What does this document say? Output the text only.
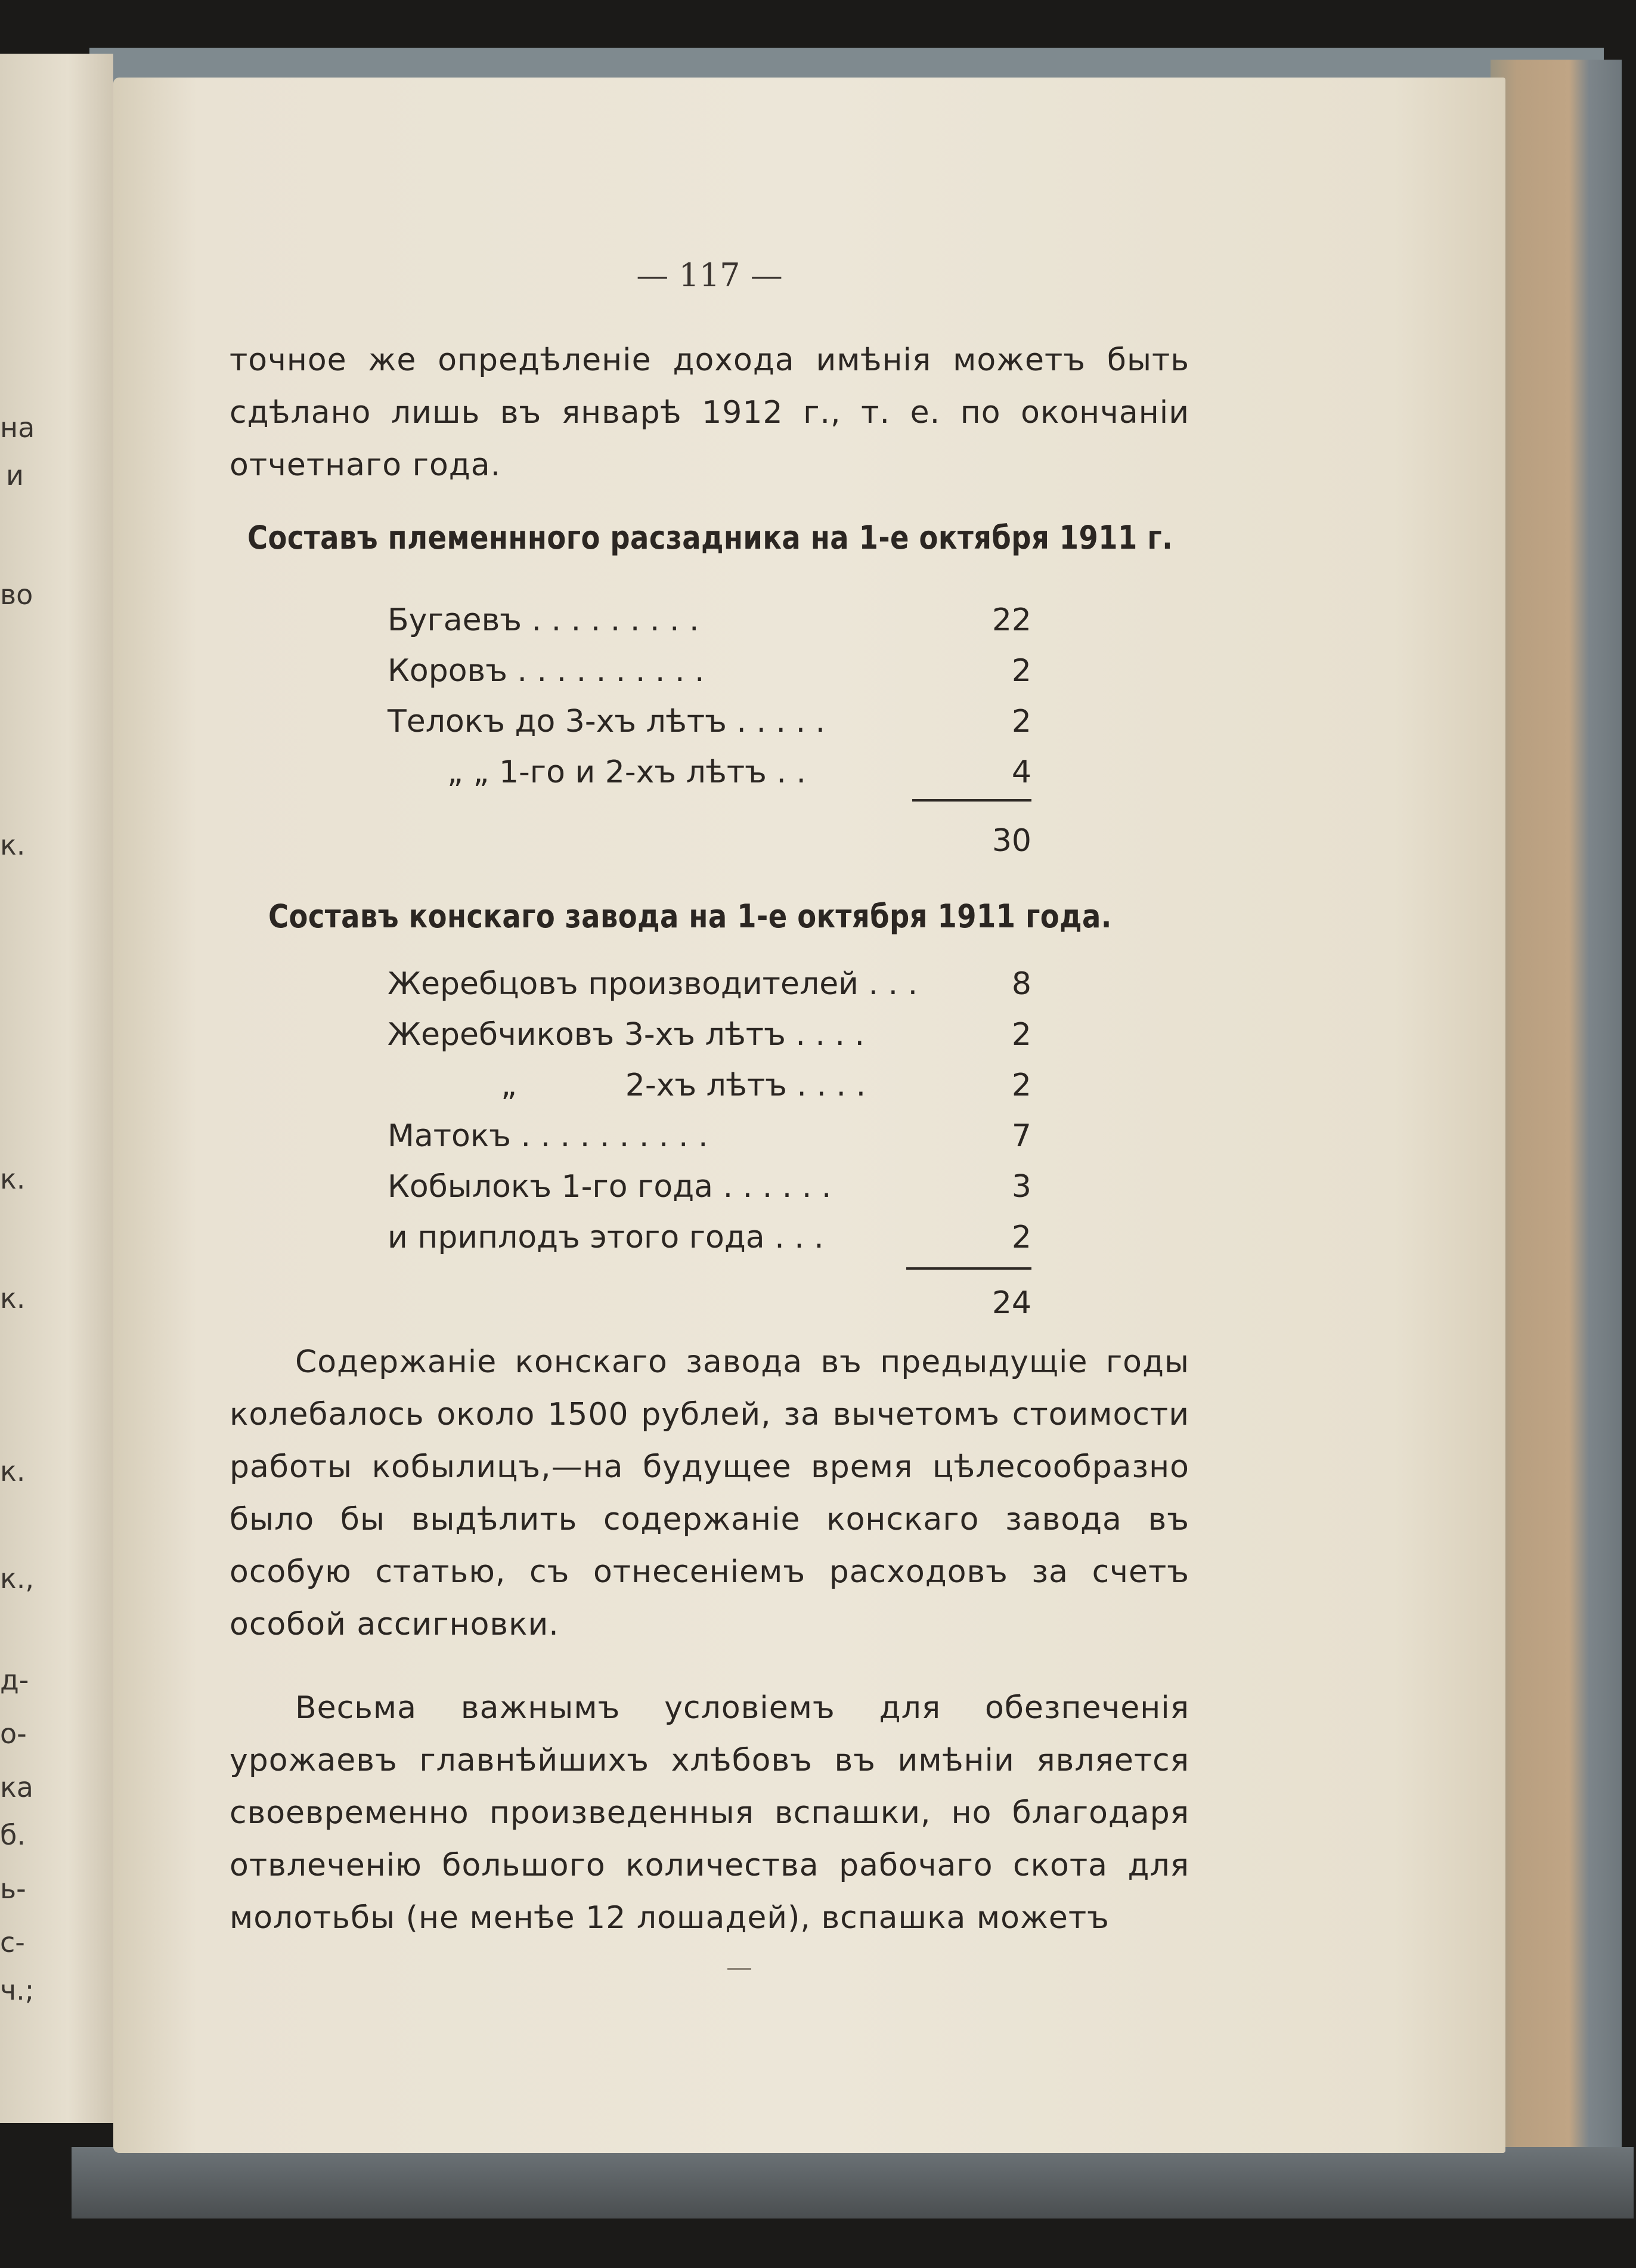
на
и
во
к.
к.
к.
к.
к.,
д-
о-
ка
б.
ь-
с-
ч.;
— 117 —

точное же опредѣленіе дохода имѣнія можетъ быть сдѣлано лишь въ январѣ 1912 г., т. е. по окончаніи отчетнаго года.

Составъ племеннного расзадника на 1-е октября 1911 г.
Бугаевъ . . . . . . . . .	22
Коровъ . . . . . . . . . .	2
Телокъ до 3-хъ лѣтъ . . . . .	2
„ „ 1-го и 2-хъ лѣтъ . .	4
30
Составъ конскаго завода на 1-е октября 1911 года.
Жеребцовъ производителей . . .	8
Жеребчиковъ 3-хъ лѣтъ . . . .	2
„           2-хъ лѣтъ . . . .	2
Матокъ . . . . . . . . . .	7
Кобылокъ 1-го года . . . . . .	3
и приплодъ этого года . . .	2
24

Содержаніе конскаго завода въ предыдущіе годы колебалось около 1500 рублей, за вычетомъ стоимости работы кобылицъ,—на будущее время цѣлесообразно было бы выдѣлить содержаніе конскаго завода въ особую статью, съ отнесеніемъ расходовъ за счетъ особой ассигновки.

Весьма важнымъ условіемъ для обезпеченія урожаевъ главнѣйшихъ хлѣбовъ въ имѣніи является своевременно произведенныя вспашки, но благодаря отвлеченію большого количества рабочаго скота для молотьбы (не менѣе 12 лошадей), вспашка можетъ
